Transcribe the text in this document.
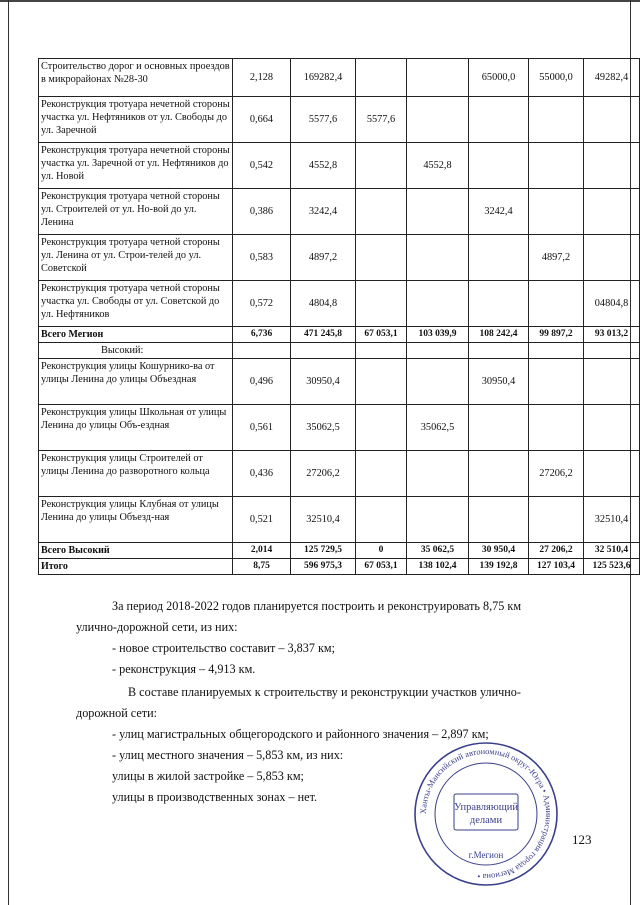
Строительство дорог и основных проездов в микрорайонах №28-30	2,128	169282,4			65000,0	55000,0	49282,4
Реконструкция тротуара нечетной стороны участка ул. Нефтяников от ул. Свободы до ул. Заречной	0,664	5577,6	5577,6				
Реконструкция тротуара нечетной стороны участка ул. Заречной от ул. Нефтяников до ул. Новой	0,542	4552,8		4552,8			
Реконструкция тротуара четной стороны ул. Строителей от ул. Но-вой до ул. Ленина	0,386	3242,4			3242,4		
Реконструкция тротуара четной стороны ул. Ленина от ул. Строи-телей до ул. Советской	0,583	4897,2				4897,2	
Реконструкция тротуара четной стороны участка ул. Свободы от ул. Советской до ул. Нефтяников	0,572	4804,8					04804,8
Всего Мегион	6,736	471 245,8	67 053,1	103 039,9	108 242,4	99 897,2	93 013,2
Высокий:							
Реконструкция улицы Кошурнико-ва от улицы Ленина до улицы Объездная	0,496	30950,4			30950,4		
Реконструкция улицы Школьная от улицы Ленина до улицы Объ-ездная	0,561	35062,5		35062,5			
Реконструкция улицы Строителей от улицы Ленина до разворотного кольца	0,436	27206,2				27206,2	
Реконструкция улицы Клубная от улицы Ленина до улицы Объезд-ная	0,521	32510,4					32510,4
Всего Высокий	2,014	125 729,5	0	35 062,5	30 950,4	27 206,2	32 510,4
Итого	8,75	596 975,3	67 053,1	138 102,4	139 192,8	127 103,4	125 523,6
За период 2018-2022 годов планируется построить и реконструировать 8,75 км
улично-дорожной сети, из них:
- новое строительство составит – 3,837 км;
- реконструкция – 4,913 км.
В составе планируемых к строительству и реконструкции участков улично-
дорожной сети:
- улиц магистральных общегородского и районного значения – 2,897 км;
- улиц местного значения – 5,853 км, из них:
улицы в жилой застройке – 5,853 км;
улицы в производственных зонах – нет.
123
Ханты-Мансийский автономный округ-Югра • Администрация города Мегиона •
Управляющий
делами
г.Мегион
